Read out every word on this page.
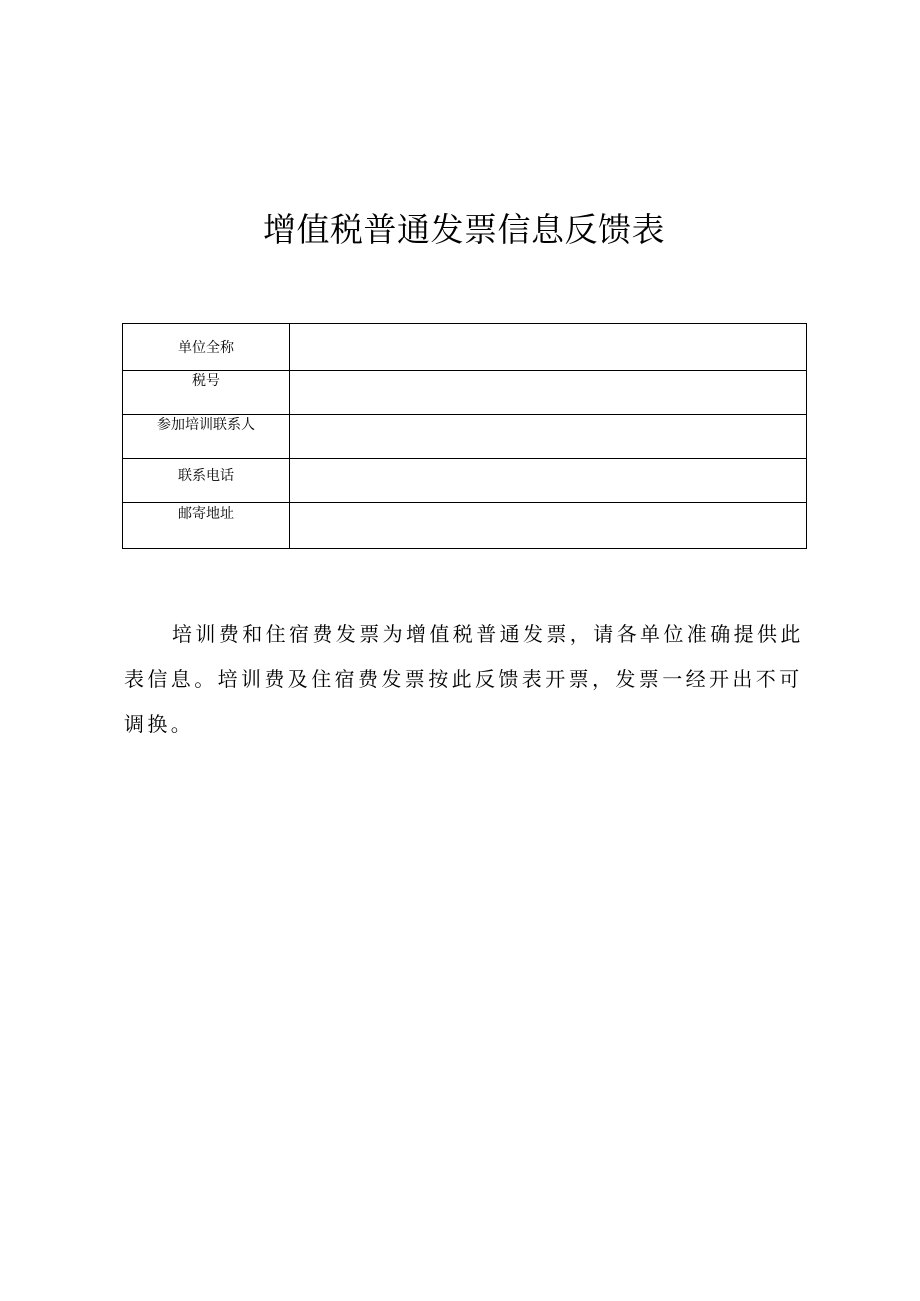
增值税普通发票信息反馈表
单位全称	

税号	

参加培训联系人	

联系电话	

邮寄地址	

培训费和住宿费发票为增值税普通发票，请各单位准确提供此表信息。培训费及住宿费发票按此反馈表开票，发票一经开出不可调换。
